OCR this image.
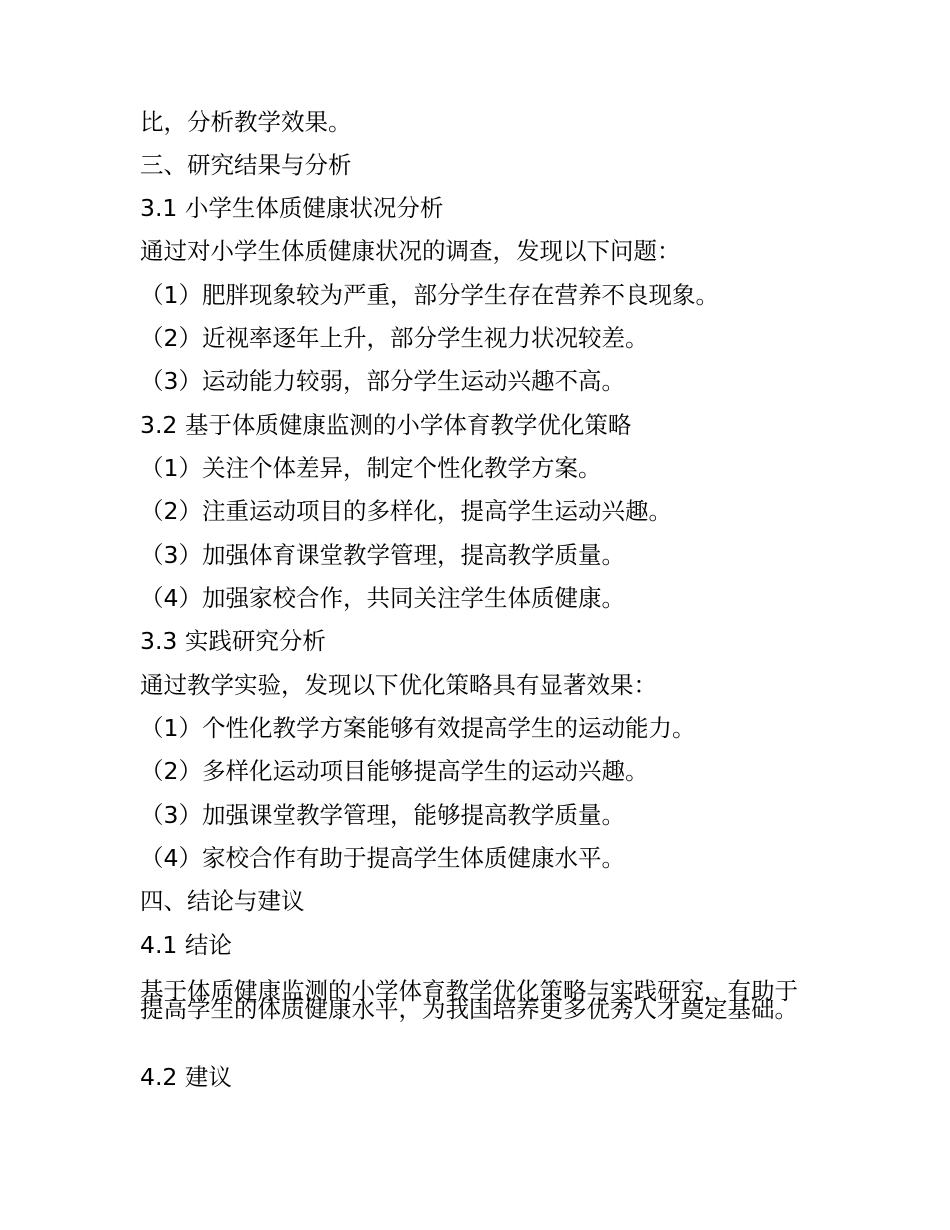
比，分析教学效果。

三、研究结果与分析

3.1 小学生体质健康状况分析

通过对小学生体质健康状况的调查，发现以下问题：

（1）肥胖现象较为严重，部分学生存在营养不良现象。

（2）近视率逐年上升，部分学生视力状况较差。

（3）运动能力较弱，部分学生运动兴趣不高。

3.2 基于体质健康监测的小学体育教学优化策略

（1）关注个体差异，制定个性化教学方案。

（2）注重运动项目的多样化，提高学生运动兴趣。

（3）加强体育课堂教学管理，提高教学质量。

（4）加强家校合作，共同关注学生体质健康。

3.3 实践研究分析

通过教学实验，发现以下优化策略具有显著效果：

（1）个性化教学方案能够有效提高学生的运动能力。

（2）多样化运动项目能够提高学生的运动兴趣。

（3）加强课堂教学管理，能够提高教学质量。

（4）家校合作有助于提高学生体质健康水平。

四、结论与建议

4.1 结论

基于体质健康监测的小学体育教学优化策略与实践研究，有助于提高学生的体质健康水平，为我国培养更多优秀人才奠定基础。

4.2 建议
